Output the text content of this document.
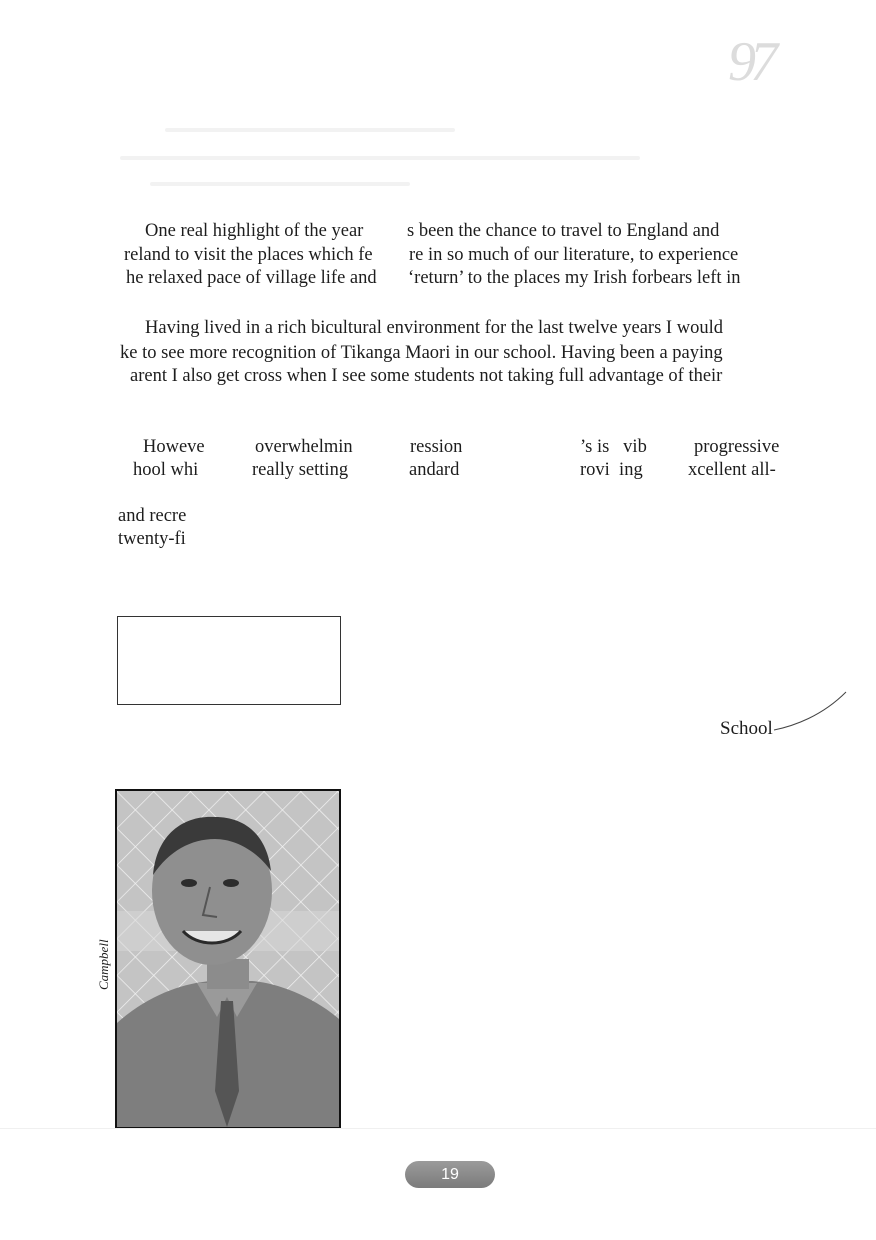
97
One real highlight of the year s been the chance to travel to England and
reland to visit the places which fe re in so much of our literature, to experience
he relaxed pace of village life and ‘return’ to the places my Irish forbears left in
Having lived in a rich bicultural environment for the last twelve years I would
ke to see more recognition of Tikanga Maori in our school. Having been a paying
arent I also get cross when I see some students not taking full advantage of their
Howeve	overwhelmin	ression	’s is   vib	progressive
hool whi	really setting	andard	rovi  ing xcellent all-
and recre
twenty-fi
School
Campbell
19
